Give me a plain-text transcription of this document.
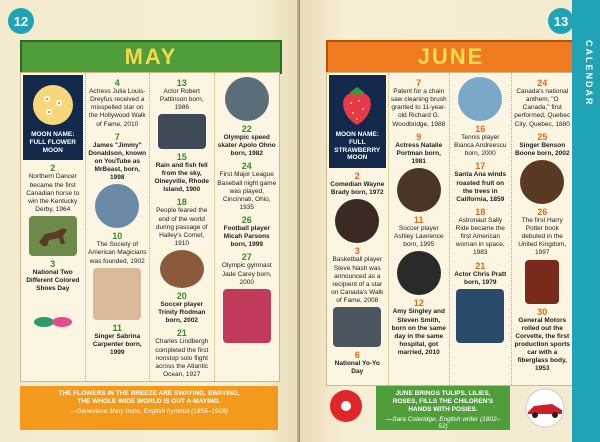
12
MAY
MOON NAME:
FULL FLOWER
MOON
2
Northern Dancer became the first Canadian horse to win the Kentucky Derby, 1964
3
National Two Different Colored Shoes Day
4
Actress Julia Louis-Dreyfus received a misspelled star on the Hollywood Walk of Fame, 2010
7
James "Jimmy" Donaldson, known on YouTube as MrBeast, born, 1998
10
The Society of American Magicians was founded, 1902
11
Singer Sabrina Carpenter born, 1999
13
Actor Robert Pattinson born, 1986
15
Rain and fish fell from the sky, Olneyville, Rhode Island, 1900
18
People feared the end of the world during passage of Halley's Comet, 1910
20
Soccer player Trinity Rodman born, 2002
21
Charles Lindbergh completed the first nonstop solo flight across the Atlantic Ocean, 1927
22
Olympic speed skater Apolo Ohno born, 1982
24
First Major League Baseball night game was played, Cincinnati, Ohio, 1935
26
Football player Micah Parsons born, 1999
27
Olympic gymnast Jade Carey born, 2000
THE FLOWERS IN THE BREEZE ARE SWAYING, SWAYING,
THE WHOLE WIDE WORLD IS OUT A-MAYING.
—Genevieve Mary Irons, English hymnist (1855–1928)
13
JUNE
MOON NAME:
FULL STRAWBERRY
MOON
2
Comedian Wayne Brady born, 1972
3
Basketball player Steve Nash was announced as a recipient of a star on Canada's Walk of Fame, 2008
6
National Yo-Yo Day
7
Patent for a chain saw cleaning brush granted to 11-year-old Richard G. Woodbridge, 1988
9
Actress Natalie Portman born, 1981
11
Soccer player Ashley Lawrence born, 1995
12
Amy Singley and Steven Smith, born on the same day in the same hospital, got married, 2010
16
Tennis player Bianca Andreescu born, 2000
17
Santa Ana winds roasted fruit on the trees in California, 1859
18
Astronaut Sally Ride became the first American woman in space, 1983
21
Actor Chris Pratt born, 1979
24
Canada's national anthem, "O Canada," first performed, Quebec City, Quebec, 1880
25
Singer Benson Boone born, 2002
26
The first Harry Potter book debuted in the United Kingdom, 1997
30
General Motors rolled out the Corvette, the first production sports car with a fiberglass body, 1953
JUNE BRINGS TULIPS, LILIES, ROSES, FILLS THE CHILDREN'S HANDS WITH POSIES.
—Sara Coleridge, English writer (1802–52)
CALENDAR
